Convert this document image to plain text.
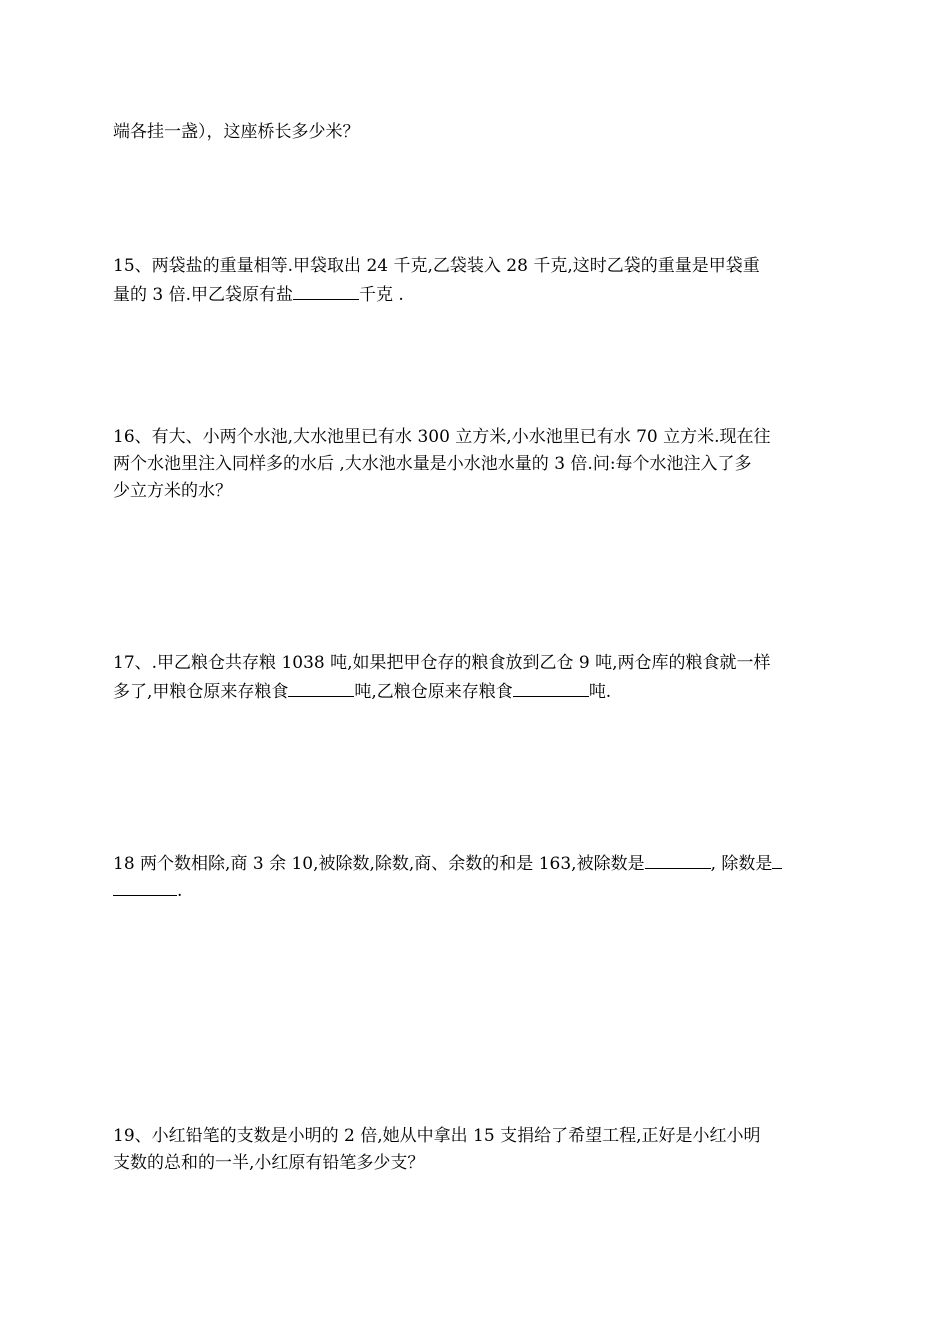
端各挂一盏），这座桥长多少米？
15、两袋盐的重量相等.甲袋取出 24 千克,乙袋装入 28 千克,这时乙袋的重量是甲袋重
量的 3 倍.甲乙袋原有盐	千克 .
16、有大、小两个水池,大水池里已有水 300 立方米,小水池里已有水 70 立方米.现在往
两个水池里注入同样多的水后 ,大水池水量是小水池水量的 3 倍.问:每个水池注入了多
少立方米的水？
17、.甲乙粮仓共存粮 1038 吨,如果把甲仓存的粮食放到乙仓 9 吨,两仓库的粮食就一样
多了,甲粮仓原来存粮食	吨,乙粮仓原来存粮食	吨.
18 两个数相除,商 3 余 10,被除数,除数,商、余数的和是 163,被除数是	, 除数是
.
19、小红铅笔的支数是小明的 2 倍,她从中拿出 15 支捐给了希望工程,正好是小红小明
支数的总和的一半,小红原有铅笔多少支？
